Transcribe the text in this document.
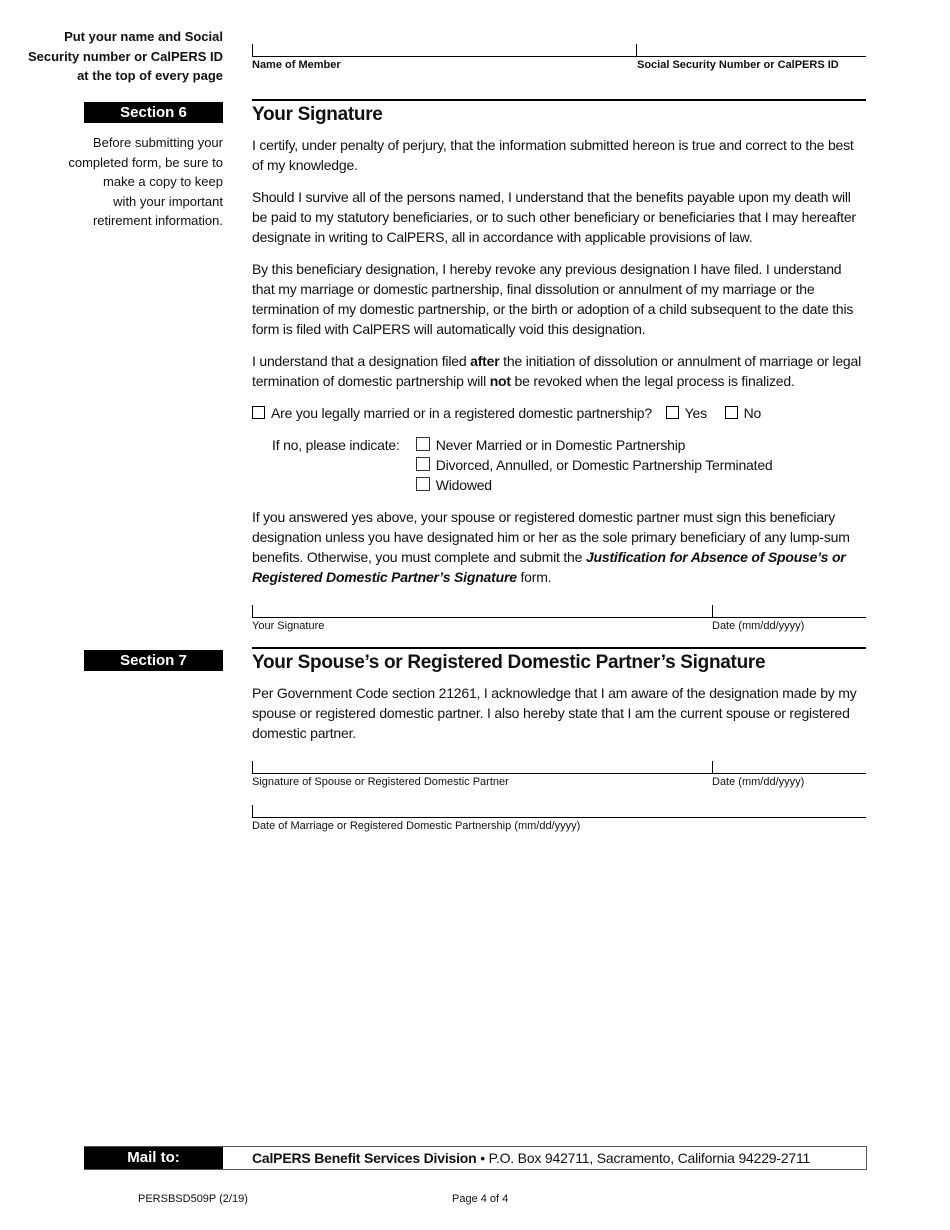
Put your name and Social
Security number or CalPERS ID
at the top of every page
Name of Member	Social Security Number or CalPERS ID
Section 6
Before submitting your
completed form, be sure to
make a copy to keep
with your important
retirement information.
Your Signature

I certify, under penalty of perjury, that the information submitted hereon is true and correct to the best of my knowledge.

Should I survive all of the persons named, I understand that the benefits payable upon my death will be paid to my statutory beneficiaries, or to such other beneficiary or beneficiaries that I may hereafter designate in writing to CalPERS, all in accordance with applicable provisions of law.

By this beneficiary designation, I hereby revoke any previous designation I have filed. I understand that my marriage or domestic partnership, final dissolution or annulment of my marriage or the termination of my domestic partnership, or the birth or adoption of a child subsequent to the date this form is filed with CalPERS will automatically void this designation.

I understand that a designation filed after the initiation of dissolution or annulment of marriage or legal termination of domestic partnership will not be revoked when the legal process is finalized.

Are you legally married or in a registered domestic partnership? Yes	No

If no, please indicate:	Never Married or in Domestic Partnership
Divorced, Annulled, or Domestic Partnership Terminated
Widowed

If you answered yes above, your spouse or registered domestic partner must sign this beneficiary designation unless you have designated him or her as the sole primary beneficiary of any lump-sum benefits. Otherwise, you must complete and submit the Justification for Absence of Spouse’s or Registered Domestic Partner’s Signature form.

Your Signature	Date (mm/dd/yyyy)
Section 7	Your Spouse’s or Registered Domestic Partner’s Signature

Per Government Code section 21261, I acknowledge that I am aware of the designation made by my spouse or registered domestic partner. I also hereby state that I am the current spouse or registered domestic partner.

Signature of Spouse or Registered Domestic Partner	Date (mm/dd/yyyy)
Date of Marriage or Registered Domestic Partnership (mm/dd/yyyy)
Mail to:	CalPERS Benefit Services Division • P.O. Box 942711, Sacramento, California 94229-2711
PERSBSD509P (2/19)	Page 4 of 4
